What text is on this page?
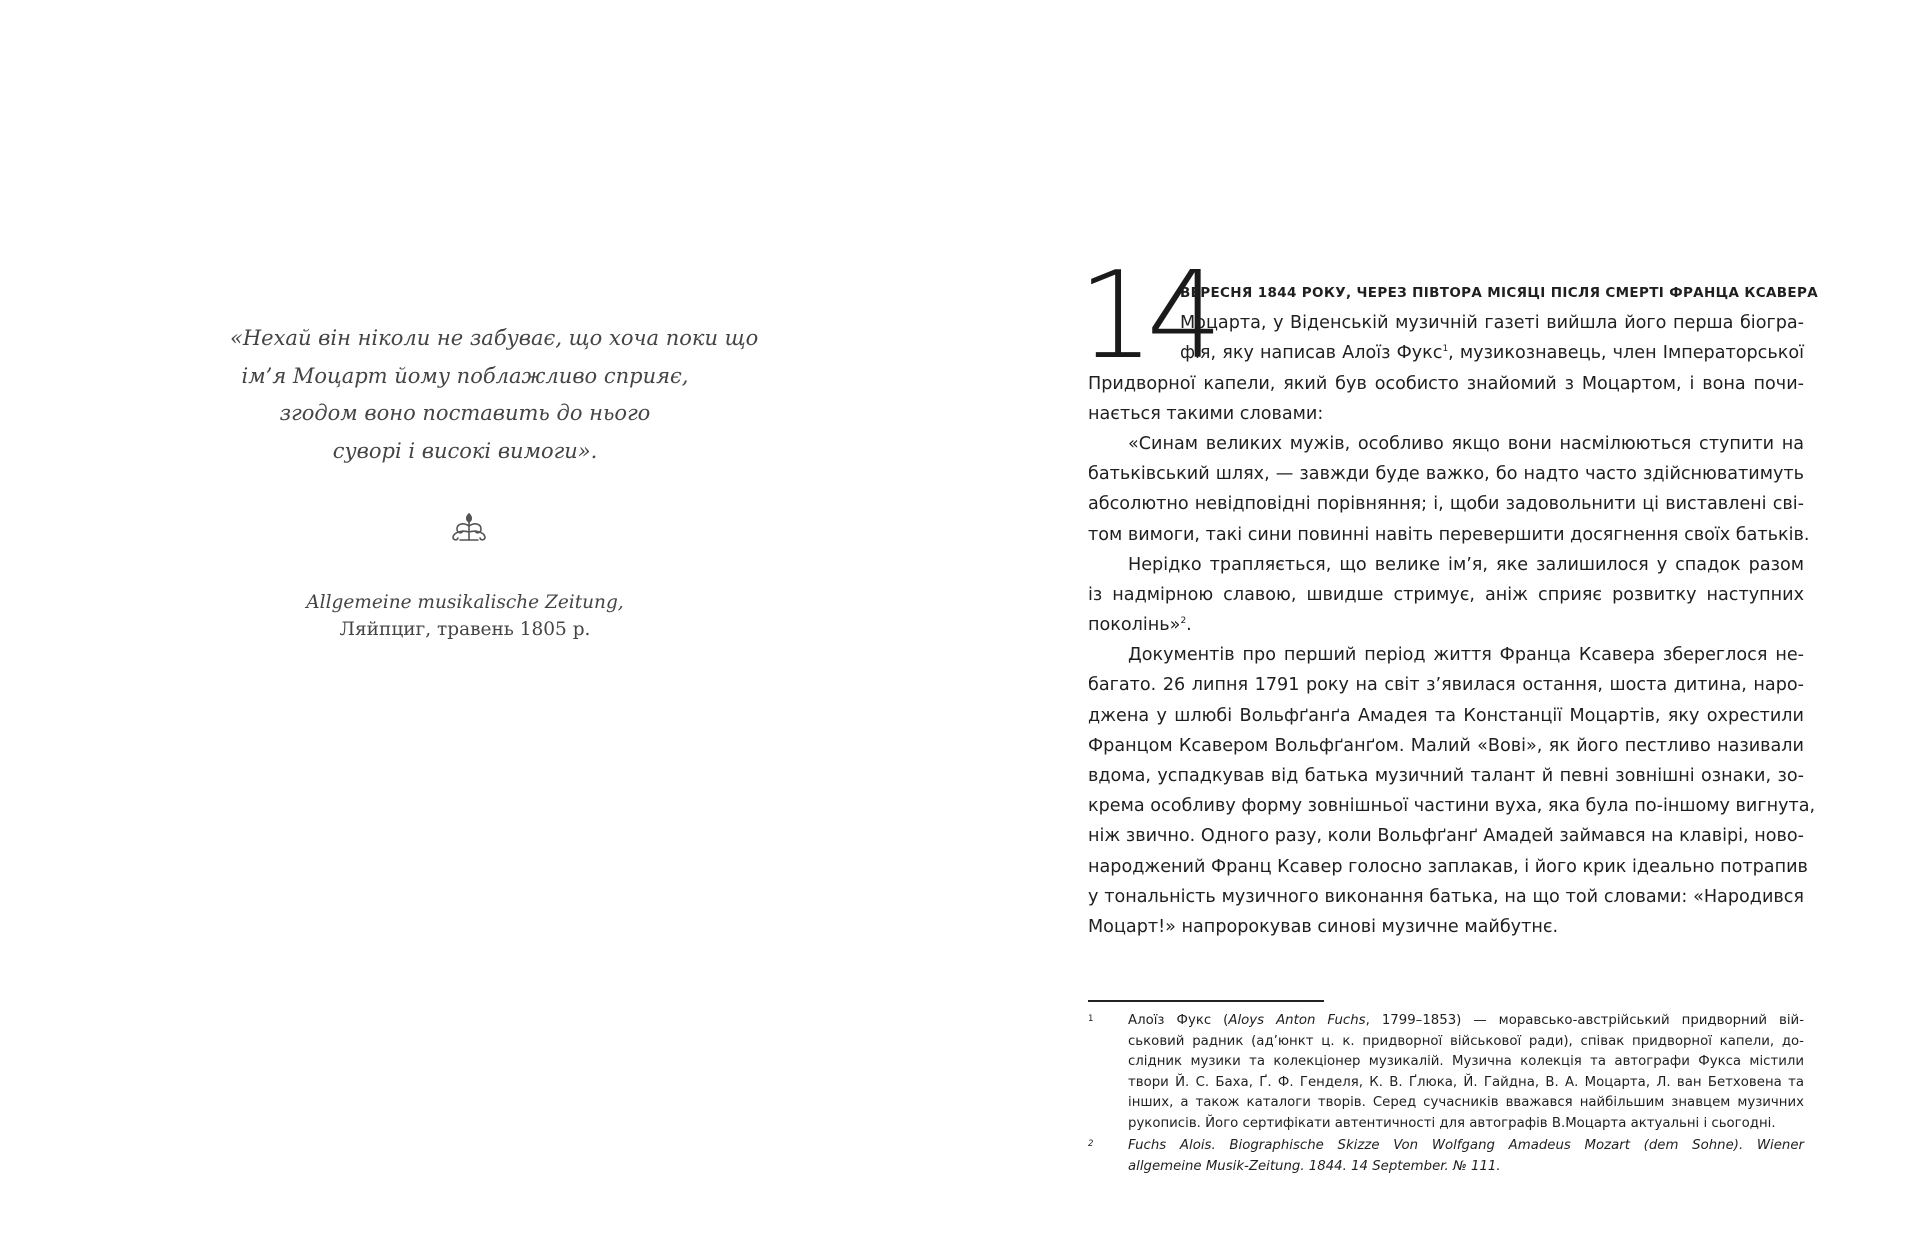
«Нехай він ніколи не забуває, що хоча поки що
ім’я Моцарт йому поблажливо сприяє,
згодом воно поставить до нього
суворі і високі вимоги».
Allgemeine musikalische Zeitung,
Ляйпциг, травень 1805 р.
14
ВЕРЕСНЯ 1844 РОКУ, ЧЕРЕЗ ПІВТОРА МІСЯЦІ ПІСЛЯ СМЕРТІ ФРАНЦА КСАВЕРА
Моцарта, у Віденській музичній газеті вийшла його перша біогра-
фія, яку написав Алоїз Фукс$^1$, музикознавець, член Імператорської
Придворної капели, який був особисто знайомий з Моцартом, і вона почи-
нається такими словами:
«Синам великих мужів, особливо якщо вони насмілюються ступити на
батьківський шлях, — завжди буде важко, бо надто часто здійснюватимуть
абсолютно невідповідні порівняння; і, щоби задовольнити ці виставлені сві-
том вимоги, такі сини повинні навіть перевершити досягнення своїх батьків.
Нерідко трапляється, що велике ім’я, яке залишилося у спадок разом
із надмірною славою, швидше стримує, аніж сприяє розвитку наступних
поколінь»$^2$.
Документів про перший період життя Франца Ксавера збереглося не-
багато. 26 липня 1791 року на світ з’явилася остання, шоста дитина, наро-
джена у шлюбі Вольфґанґа Амадея та Констанції Моцартів, яку охрестили
Францом Ксавером Вольфґанґом. Малий «Вові», як його пестливо називали
вдома, успадкував від батька музичний талант й певні зовнішні ознаки, зо-
крема особливу форму зовнішньої частини вуха, яка була по-іншому вигнута,
ніж звично. Одного разу, коли Вольфґанґ Амадей займався на клавірі, ново-
народжений Франц Ксавер голосно заплакав, і його крик ідеально потрапив
у тональність музичного виконання батька, на що той словами: «Народився
Моцарт!» напророкував синові музичне майбутнє.
1	Алоїз Фукс (Aloys Anton Fuchs, 1799–1853) — моравсько-австрійський придворний вій-
ськовий радник (ад’юнкт ц. к. придворної військової ради), співак придворної капели, до-
слідник музики та колекціонер музикалій. Музична колекція та автографи Фукса містили
твори Й. С. Баха, Ґ. Ф. Генделя, К. В. Ґлюка, Й. Гайдна, В. А. Моцарта, Л. ван Бетховена та
інших, а також каталоги творів. Серед сучасників вважався найбільшим знавцем музичних
рукописів. Його сертифікати автентичності для автографів В.Моцарта актуальні і сьогодні.
2	Fuchs Alois. Biographische Skizze Von Wolfgang Amadeus Mozart (dem Sohne). Wiener
allgemeine Musik-Zeitung. 1844. 14 September. № 111.
